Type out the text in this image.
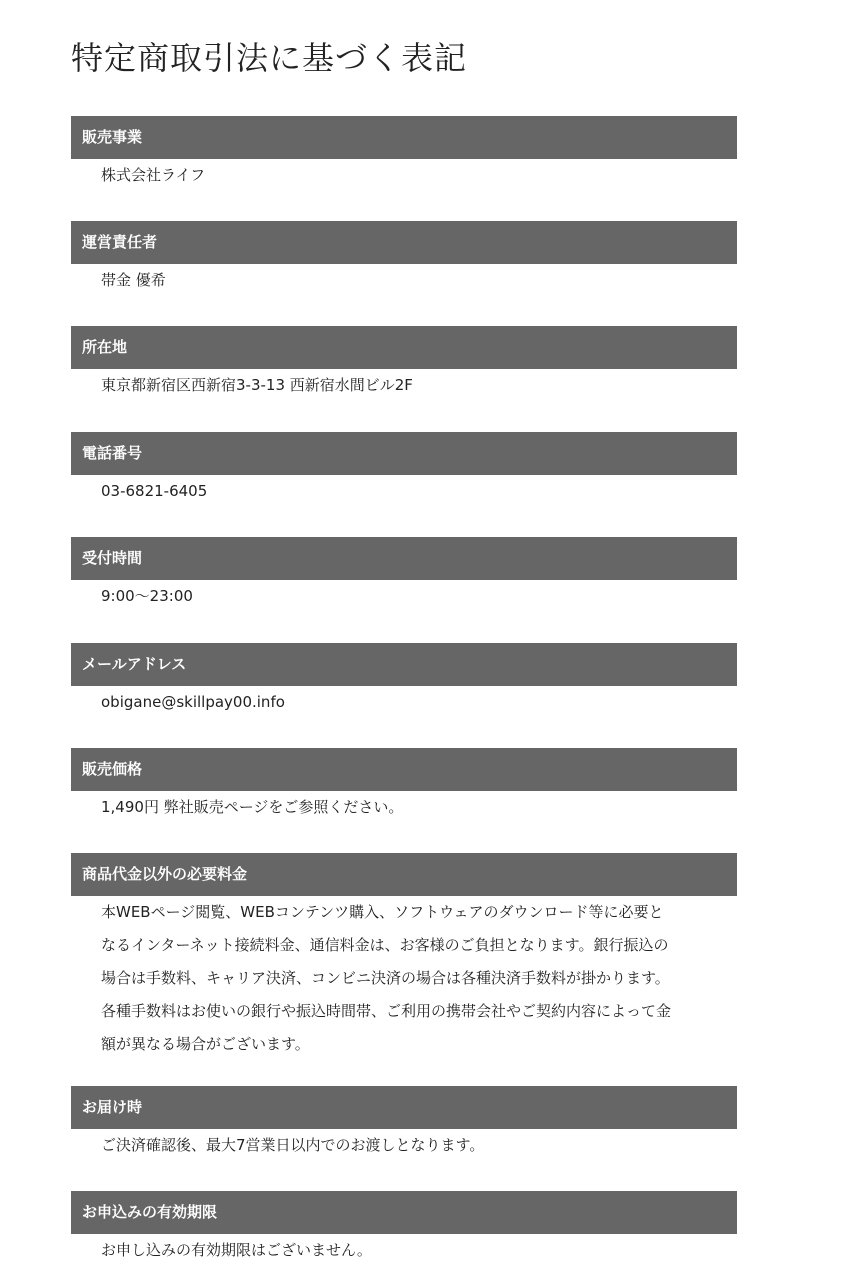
特定商取引法に基づく表記
販売事業

株式会社ライフ

運営責任者

帯金 優希

所在地

東京都新宿区西新宿3-3-13 西新宿水間ビル2F

電話番号

03-6821-6405

受付時間

9:00〜23:00

メールアドレス

obigane@skillpay00.info

販売価格

1,490円 弊社販売ページをご参照ください。

商品代金以外の必要料金

本WEBページ閲覧、WEBコンテンツ購入、ソフトウェアのダウンロード等に必要と

なるインターネット接続料金、通信料金は、お客様のご負担となります。銀行振込の

場合は手数料、キャリア決済、コンビニ決済の場合は各種決済手数料が掛かります。

各種手数料はお使いの銀行や振込時間帯、ご利用の携帯会社やご契約内容によって金

額が異なる場合がございます。

お届け時

ご決済確認後、最大7営業日以内でのお渡しとなります。

お申込みの有効期限

お申し込みの有効期限はございません。
